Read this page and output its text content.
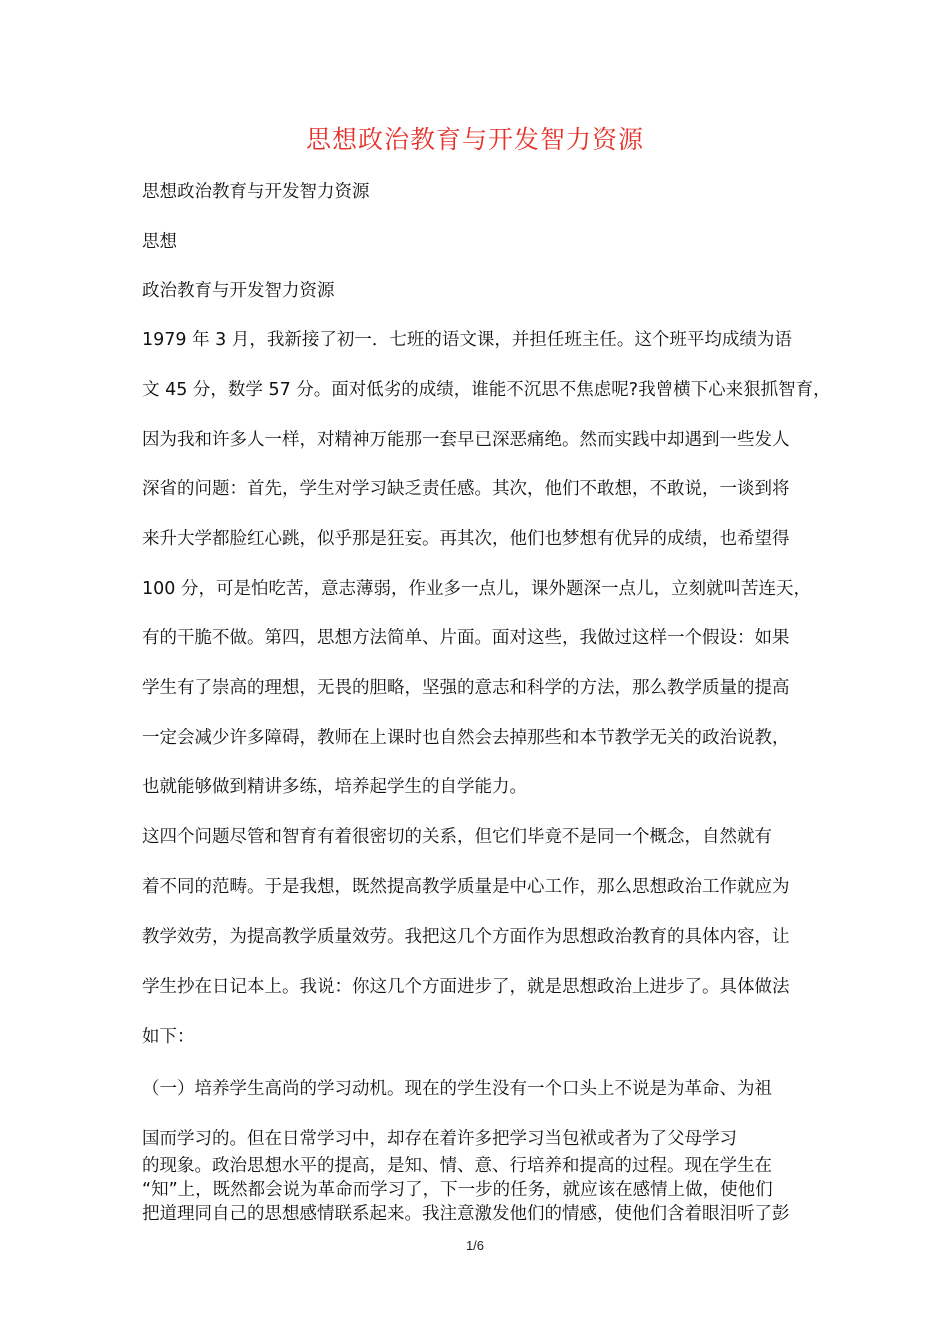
思想政治教育与开发智力资源
思想政治教育与开发智力资源
思想
政治教育与开发智力资源
1979 年 3 月，我新接了初一．七班的语文课，并担任班主任。这个班平均成绩为语
文 45 分，数学 57 分。面对低劣的成绩，谁能不沉思不焦虑呢?我曾横下心来狠抓智育，
因为我和许多人一样，对精神万能那一套早已深恶痛绝。然而实践中却遇到一些发人
深省的问题：首先，学生对学习缺乏责任感。其次，他们不敢想，不敢说，一谈到将
来升大学都脸红心跳，似乎那是狂妄。再其次，他们也梦想有优异的成绩，也希望得
100 分，可是怕吃苦，意志薄弱，作业多一点儿，课外题深一点儿，立刻就叫苦连天，
有的干脆不做。第四，思想方法简单、片面。面对这些，我做过这样一个假设：如果
学生有了崇高的理想，无畏的胆略，坚强的意志和科学的方法，那么教学质量的提高
一定会减少许多障碍，教师在上课时也自然会去掉那些和本节教学无关的政治说教，
也就能够做到精讲多练，培养起学生的自学能力。
这四个问题尽管和智育有着很密切的关系，但它们毕竟不是同一个概念，自然就有
着不同的范畴。于是我想，既然提高教学质量是中心工作，那么思想政治工作就应为
教学效劳，为提高教学质量效劳。我把这几个方面作为思想政治教育的具体内容，让
学生抄在日记本上。我说：你这几个方面进步了，就是思想政治上进步了。具体做法
如下：
（一）培养学生高尚的学习动机。现在的学生没有一个口头上不说是为革命、为祖
国而学习的。但在日常学习中，却存在着许多把学习当包袱或者为了父母学习
的现象。政治思想水平的提高，是知、情、意、行培养和提高的过程。现在学生在
“知”上，既然都会说为革命而学习了，下一步的任务，就应该在感情上做，使他们
把道理同自己的思想感情联系起来。我注意激发他们的情感，使他们含着眼泪听了彭
1/6
